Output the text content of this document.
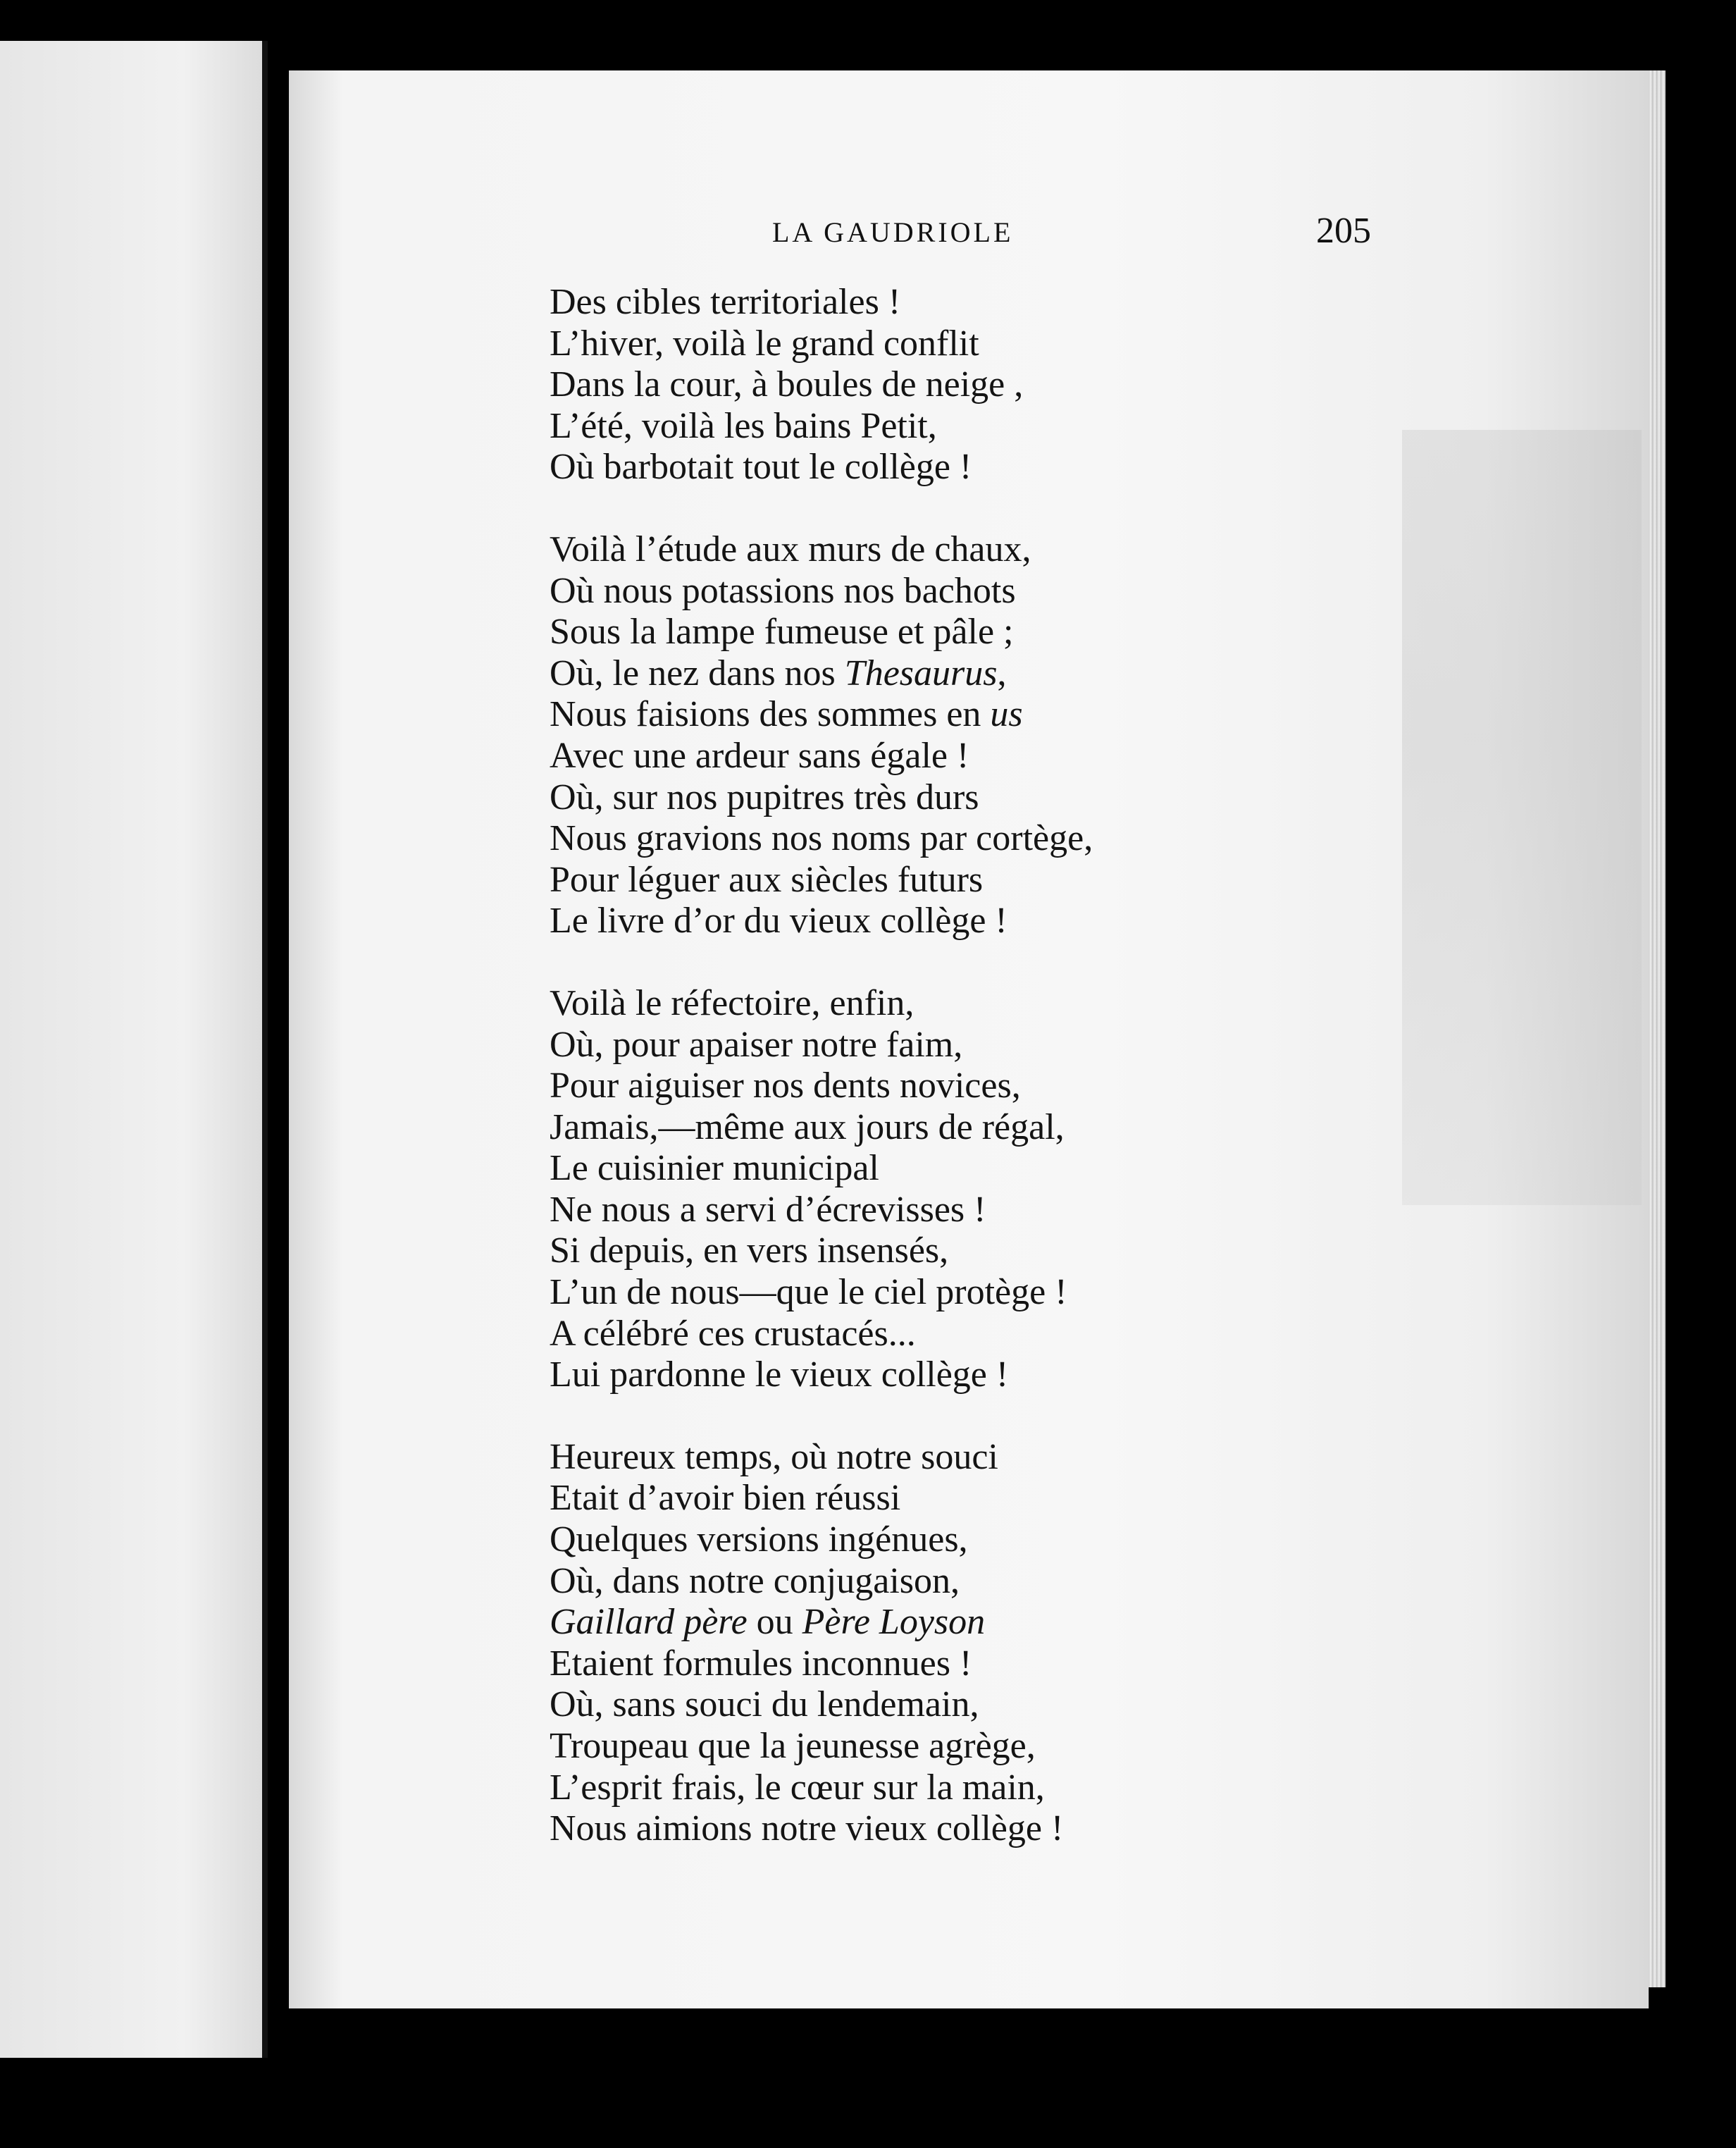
LA GAUDRIOLE	205
Des cibles territoriales !
L’hiver, voilà le grand conflit
Dans la cour, à boules de neige ,
L’été, voilà les bains Petit,
Où barbotait tout le collège !
Voilà l’étude aux murs de chaux,
Où nous potassions nos bachots
Sous la lampe fumeuse et pâle ;
Où, le nez dans nos Thesaurus,
Nous faisions des sommes en us
Avec une ardeur sans égale !
Où, sur nos pupitres très durs
Nous gravions nos noms par cortège,
Pour léguer aux siècles futurs
Le livre d’or du vieux collège !
Voilà le réfectoire, enfin,
Où, pour apaiser notre faim,
Pour aiguiser nos dents novices,
Jamais,—même aux jours de régal,
Le cuisinier municipal
Ne nous a servi d’écrevisses !
Si depuis, en vers insensés,
L’un de nous—que le ciel protège !
A célébré ces crustacés...
Lui pardonne le vieux collège !
Heureux temps, où notre souci
Etait d’avoir bien réussi
Quelques versions ingénues,
Où, dans notre conjugaison,
Gaillard père ou Père Loyson
Etaient formules inconnues !
Où, sans souci du lendemain,
Troupeau que la jeunesse agrège,
L’esprit frais, le cœur sur la main,
Nous aimions notre vieux collège !
